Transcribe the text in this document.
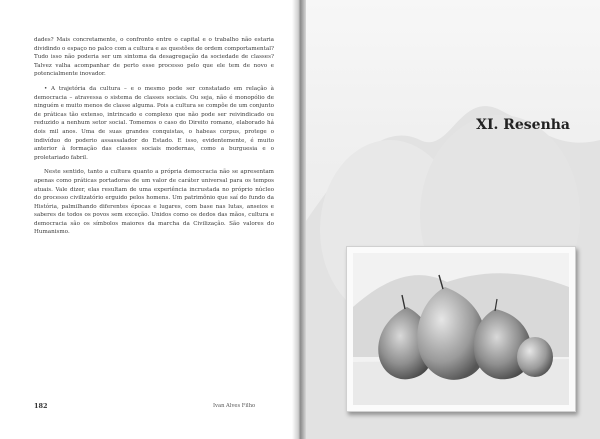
dades? Mais concretamente, o confronto entre o capital e o trabalho não estaria dividindo o espaço no palco com a cultura e as questões de ordem comportamental? Tudo isso não poderia ser um sintoma da desagregação da sociedade de classes? Talvez valha acompanhar de perto esse processo pelo que ele tem de novo e potencialmente inovador.

• A trajetória da cultura – e o mesmo pode ser constatado em relação à democracia – atravessa o sistema de classes sociais. Ou seja, não é monopólio de ninguém e muito menos de classe alguma. Pois a cultura se compõe de um conjunto de práticas tão extenso, intrincado e complexo que não pode ser reivindicado ou reduzido a nenhum setor social. Tomemos o caso do Direito romano, elaborado há dois mil anos. Uma de suas grandes conquistas, o habeas corpus, protege o indivíduo do poderio assassalador do Estado. E isso, evidentemente, é muito anterior à formação das classes sociais modernas, como a burguesia e o proletariado fabril.

Neste sentido, tanto a cultura quanto a própria democracia não se apresentam apenas como práticas portadoras de um valor de caráter universal para os tempos atuais. Vale dizer, elas resultam de uma experiência incrustada no próprio núcleo do processo civilizatório erguido pelos homens. Um patrimônio que saí do fundo da História, palmilhando diferentes épocas e lugares, com base nas lutas, anseios e saberes de todos os povos sem exceção. Unidos como os dedos das mãos, cultura e democracia são os símbolos maiores da marcha da Civilização. São valores do Humanismo.

182	Ivan Alves Filho
XI. Resenha
